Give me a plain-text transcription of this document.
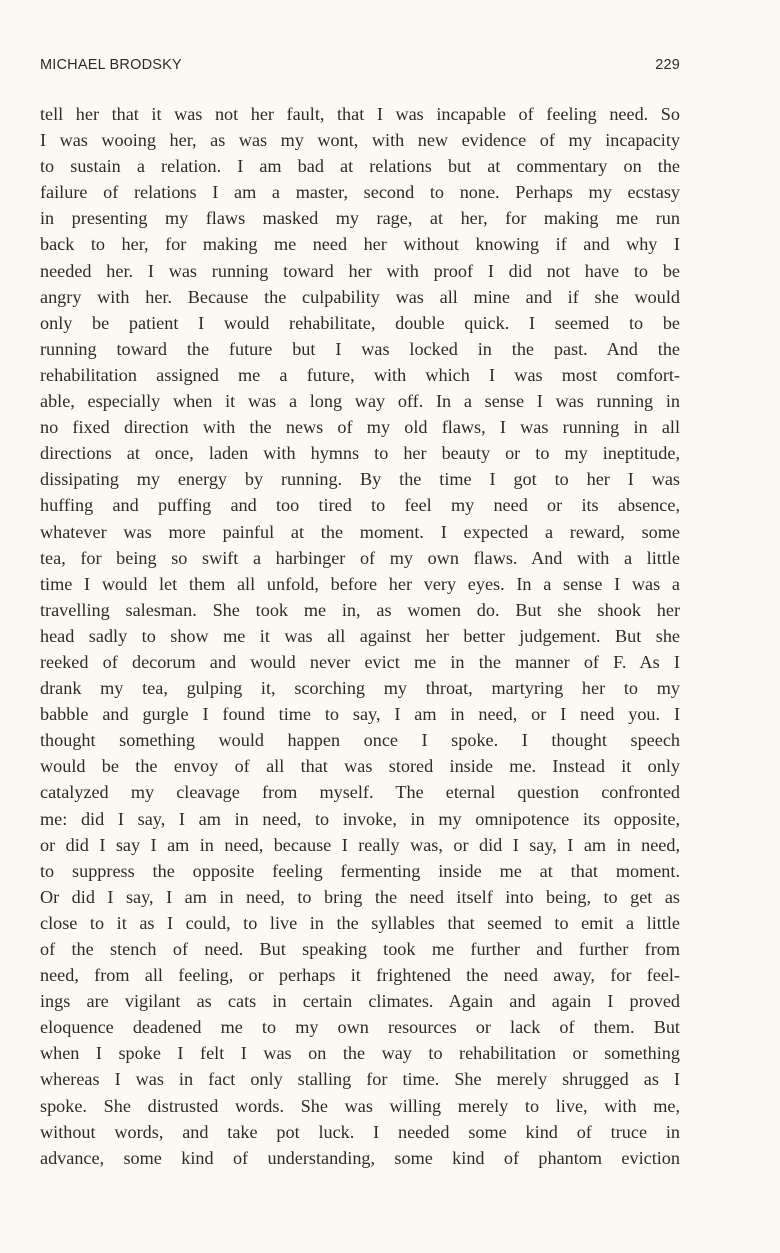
MICHAEL BRODSKY	229
tell her that it was not her fault, that I was incapable of feeling need. So
I was wooing her, as was my wont, with new evidence of my incapacity
to sustain a relation. I am bad at relations but at commentary on the
failure of relations I am a master, second to none. Perhaps my ecstasy
in presenting my flaws masked my rage, at her, for making me run
back to her, for making me need her without knowing if and why I
needed her. I was running toward her with proof I did not have to be
angry with her. Because the culpability was all mine and if she would
only be patient I would rehabilitate, double quick. I seemed to be
running toward the future but I was locked in the past. And the
rehabilitation assigned me a future, with which I was most comfort-
able, especially when it was a long way off. In a sense I was running in
no fixed direction with the news of my old flaws, I was running in all
directions at once, laden with hymns to her beauty or to my ineptitude,
dissipating my energy by running. By the time I got to her I was
huffing and puffing and too tired to feel my need or its absence,
whatever was more painful at the moment. I expected a reward, some
tea, for being so swift a harbinger of my own flaws. And with a little
time I would let them all unfold, before her very eyes. In a sense I was a
travelling salesman. She took me in, as women do. But she shook her
head sadly to show me it was all against her better judgement. But she
reeked of decorum and would never evict me in the manner of F. As I
drank my tea, gulping it, scorching my throat, martyring her to my
babble and gurgle I found time to say, I am in need, or I need you. I
thought something would happen once I spoke. I thought speech
would be the envoy of all that was stored inside me. Instead it only
catalyzed my cleavage from myself. The eternal question confronted
me: did I say, I am in need, to invoke, in my omnipotence its opposite,
or did I say I am in need, because I really was, or did I say, I am in need,
to suppress the opposite feeling fermenting inside me at that moment.
Or did I say, I am in need, to bring the need itself into being, to get as
close to it as I could, to live in the syllables that seemed to emit a little
of the stench of need. But speaking took me further and further from
need, from all feeling, or perhaps it frightened the need away, for feel-
ings are vigilant as cats in certain climates. Again and again I proved
eloquence deadened me to my own resources or lack of them. But
when I spoke I felt I was on the way to rehabilitation or something
whereas I was in fact only stalling for time. She merely shrugged as I
spoke. She distrusted words. She was willing merely to live, with me,
without words, and take pot luck. I needed some kind of truce in
advance, some kind of understanding, some kind of phantom eviction
